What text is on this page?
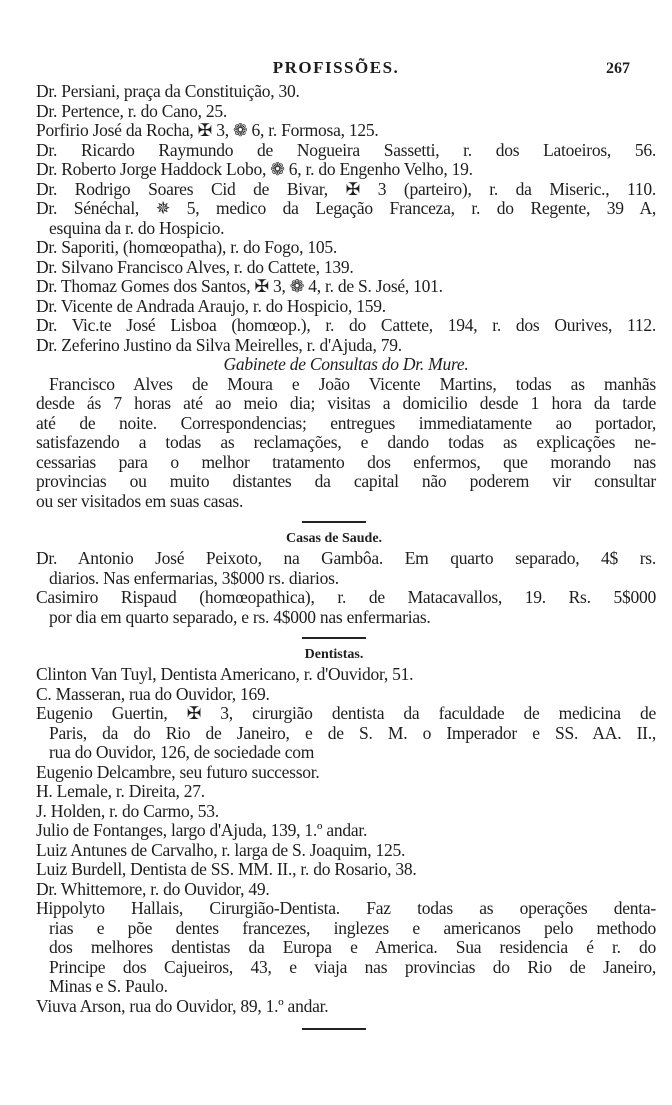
PROFISSÕES.	267
Dr. Persiani, praça da Constituição, 30.
Dr. Pertence, r. do Cano, 25.
Porfirio José da Rocha, ✠ 3, ❁ 6, r. Formosa, 125.
Dr. Ricardo Raymundo de Nogueira Sassetti, r. dos Latoeiros, 56.
Dr. Roberto Jorge Haddock Lobo, ❁ 6, r. do Engenho Velho, 19.
Dr. Rodrigo Soares Cid de Bivar, ✠ 3 (parteiro), r. da Miseric., 110.
Dr. Sénéchal, ✵ 5, medico da Legação Franceza, r. do Regente, 39 A,
esquina da r. do Hospicio.
Dr. Saporiti, (homœopatha), r. do Fogo, 105.
Dr. Silvano Francisco Alves, r. do Cattete, 139.
Dr. Thomaz Gomes dos Santos, ✠ 3, ❁ 4, r. de S. José, 101.
Dr. Vicente de Andrada Araujo, r. do Hospicio, 159.
Dr. Vic.te José Lisboa (homœop.), r. do Cattete, 194, r. dos Ourives, 112.
Dr. Zeferino Justino da Silva Meirelles, r. d'Ajuda, 79.
Gabinete de Consultas do Dr. Mure.
Francisco Alves de Moura e João Vicente Martins, todas as manhãs
desde ás 7 horas até ao meio dia; visitas a domicilio desde 1 hora da tarde
até de noite. Correspondencias; entregues immediatamente ao portador,
satisfazendo a todas as reclamações, e dando todas as explicações ne-
cessarias para o melhor tratamento dos enfermos, que morando nas
provincias ou muito distantes da capital não poderem vir consultar
ou ser visitados em suas casas.
Casas de Saude.
Dr. Antonio José Peixoto, na Gambôa. Em quarto separado, 4$ rs.
diarios. Nas enfermarias, 3$000 rs. diarios.
Casimiro Rispaud (homœopathica), r. de Matacavallos, 19. Rs. 5$000
por dia em quarto separado, e rs. 4$000 nas enfermarias.
Dentistas.
Clinton Van Tuyl, Dentista Americano, r. d'Ouvidor, 51.
C. Masseran, rua do Ouvidor, 169.
Eugenio Guertin, ✠ 3, cirurgião dentista da faculdade de medicina de
Paris, da do Rio de Janeiro, e de S. M. o Imperador e SS. AA. II.,
rua do Ouvidor, 126, de sociedade com
Eugenio Delcambre, seu futuro successor.
H. Lemale, r. Direita, 27.
J. Holden, r. do Carmo, 53.
Julio de Fontanges, largo d'Ajuda, 139, 1.º andar.
Luiz Antunes de Carvalho, r. larga de S. Joaquim, 125.
Luiz Burdell, Dentista de SS. MM. II., r. do Rosario, 38.
Dr. Whittemore, r. do Ouvidor, 49.
Hippolyto Hallais, Cirurgião-Dentista. Faz todas as operações denta-
rias e põe dentes francezes, inglezes e americanos pelo methodo
dos melhores dentistas da Europa e America. Sua residencia é r. do
Principe dos Cajueiros, 43, e viaja nas provincias do Rio de Janeiro,
Minas e S. Paulo.
Viuva Arson, rua do Ouvidor, 89, 1.º andar.
